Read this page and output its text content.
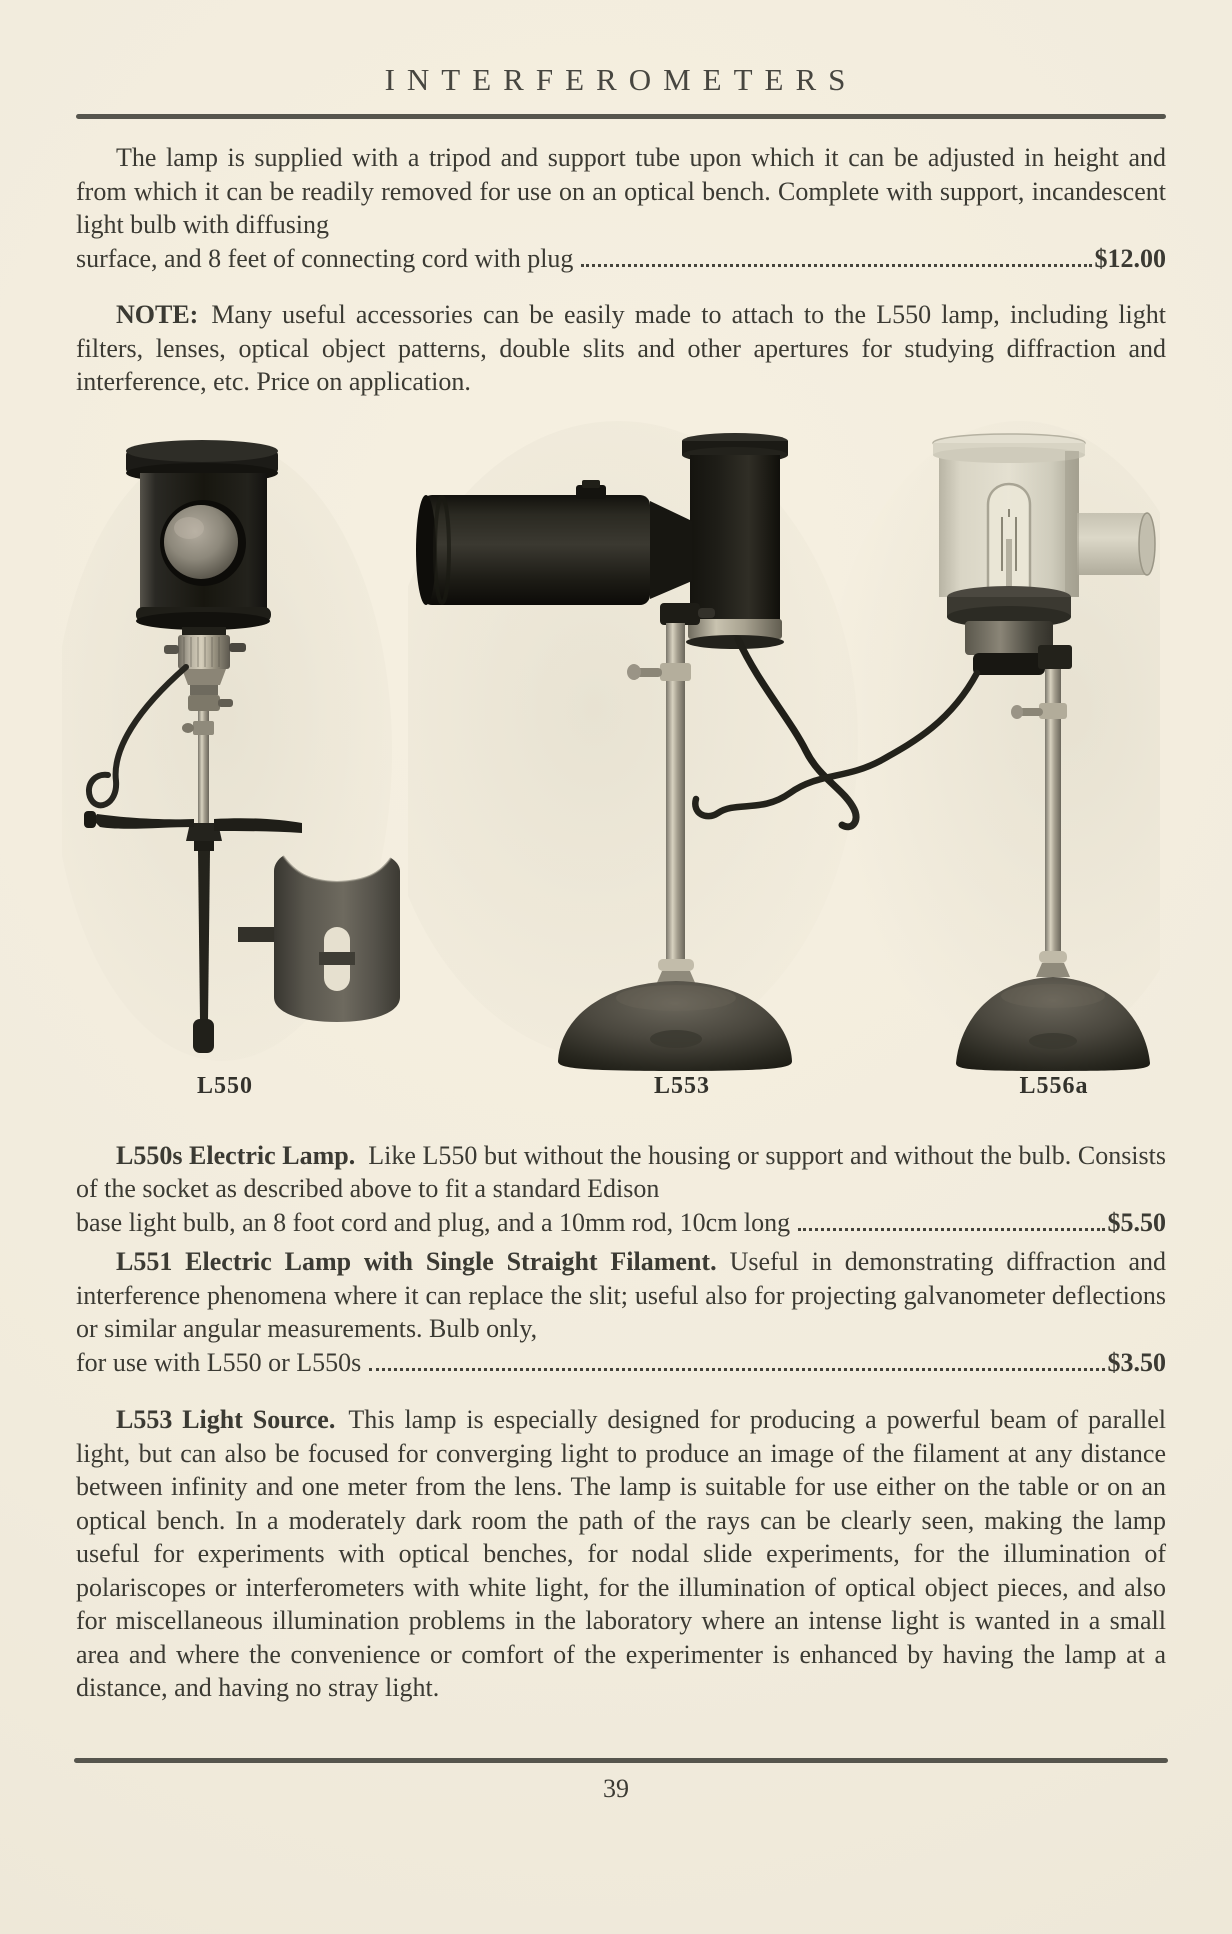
INTERFEROMETERS

The lamp is supplied with a tripod and support tube upon which it can be adjusted in height and from which it can be readily removed for use on an optical bench. Complete with support, incandescent light bulb with diffusing

surface, and 8 feet of connecting cord with plug	$12.00

NOTE: Many useful accessories can be easily made to attach to the L550 lamp, including light filters, lenses, optical object patterns, double slits and other apertures for studying diffraction and interference, etc. Price on application.

L550	L553	L556a

L550s Electric Lamp. Like L550 but without the housing or support and without the bulb. Consists of the socket as described above to fit a standard Edison

base light bulb, an 8 foot cord and plug, and a 10mm rod, 10cm long	$5.50

L551 Electric Lamp with Single Straight Filament. Useful in demonstrating diffraction and interference phenomena where it can replace the slit; useful also for projecting galvanometer deflections or similar angular measurements. Bulb only,

for use with L550 or L550s	$3.50

L553 Light Source. This lamp is especially designed for producing a powerful beam of parallel light, but can also be focused for converging light to produce an image of the filament at any distance between infinity and one meter from the lens. The lamp is suitable for use either on the table or on an optical bench. In a moderately dark room the path of the rays can be clearly seen, making the lamp useful for experiments with optical benches, for nodal slide experiments, for the illumination of polariscopes or interferometers with white light, for the illumination of optical object pieces, and also for miscellaneous illumination problems in the laboratory where an intense light is wanted in a small area and where the convenience or comfort of the experimenter is enhanced by having the lamp at a distance, and having no stray light.

39
